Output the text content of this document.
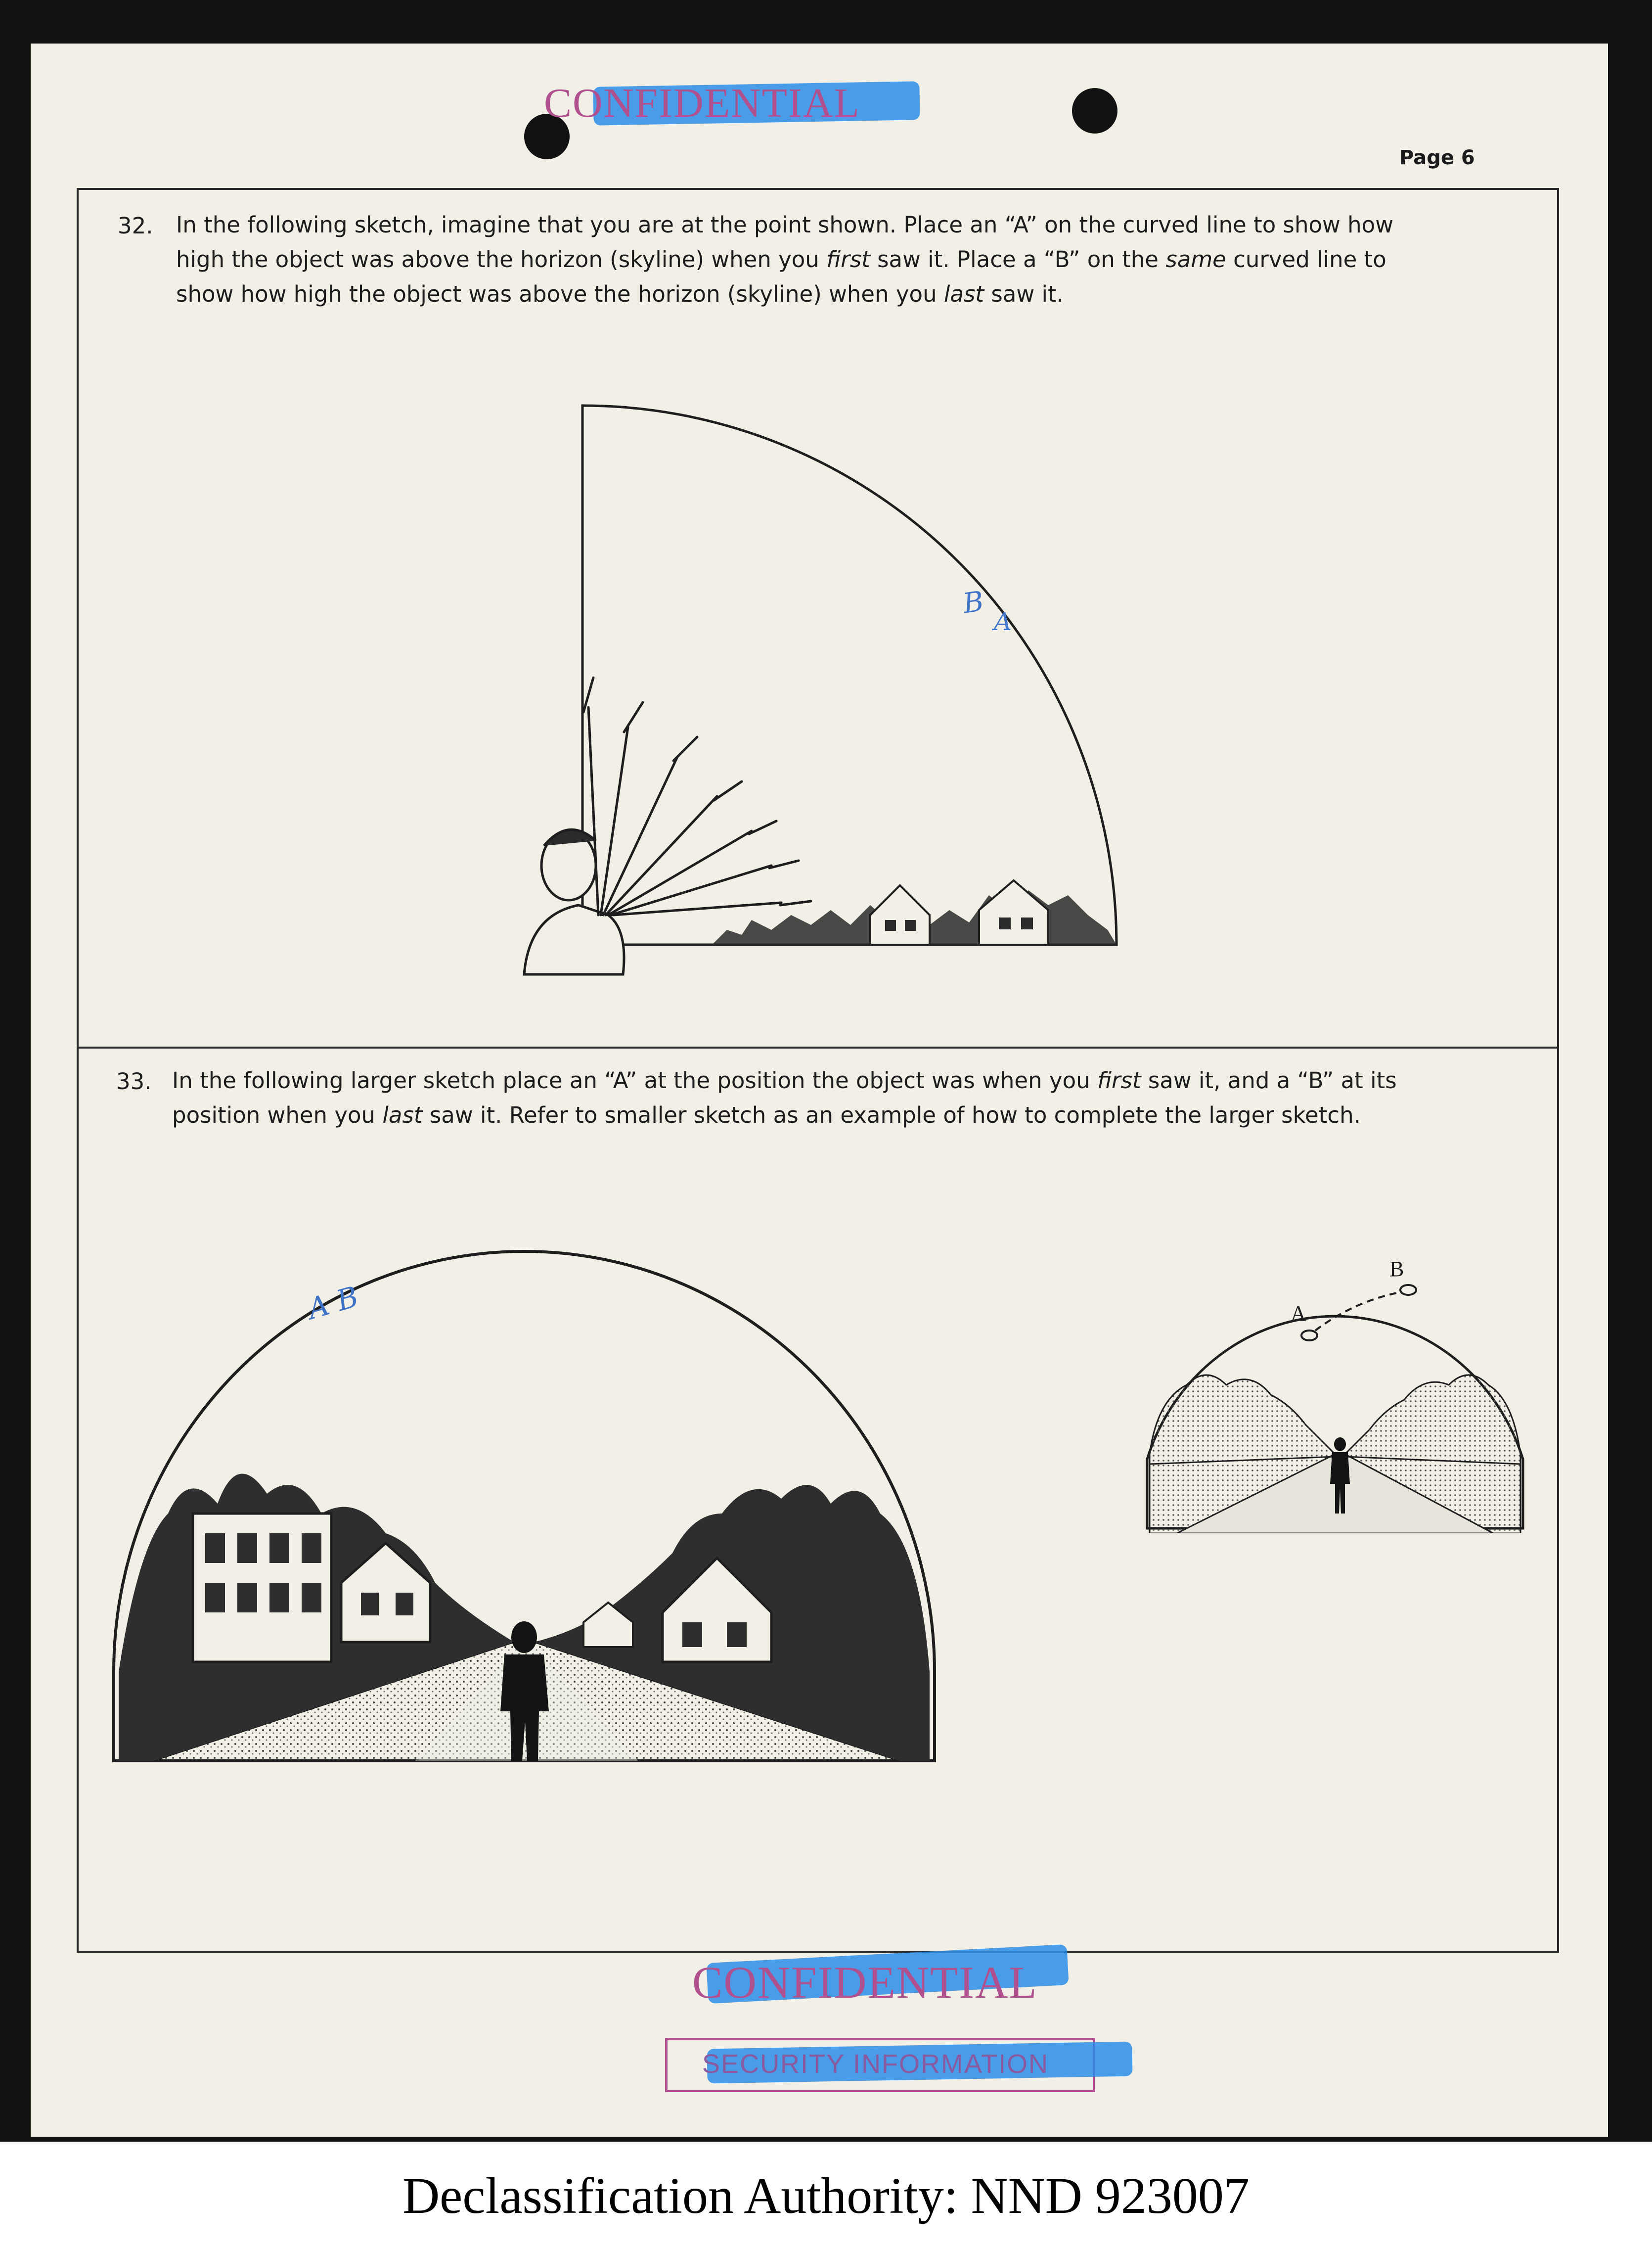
CONFIDENTIAL
Page 6
32. In the following sketch, imagine that you are at the point shown. Place an “A” on the curved line to show how
high the object was above the horizon (skyline) when you first saw it. Place a “B” on the same curved line to
show how high the object was above the horizon (skyline) when you last saw it.
B
A
33. In the following larger sketch place an “A” at the position the object was when you first saw it, and a “B” at its
position when you last saw it. Refer to smaller sketch as an example of how to complete the larger sketch.
A B	A
B
CONFIDENTIAL
SECURITY INFORMATION
Declassification Authority: NND 923007
